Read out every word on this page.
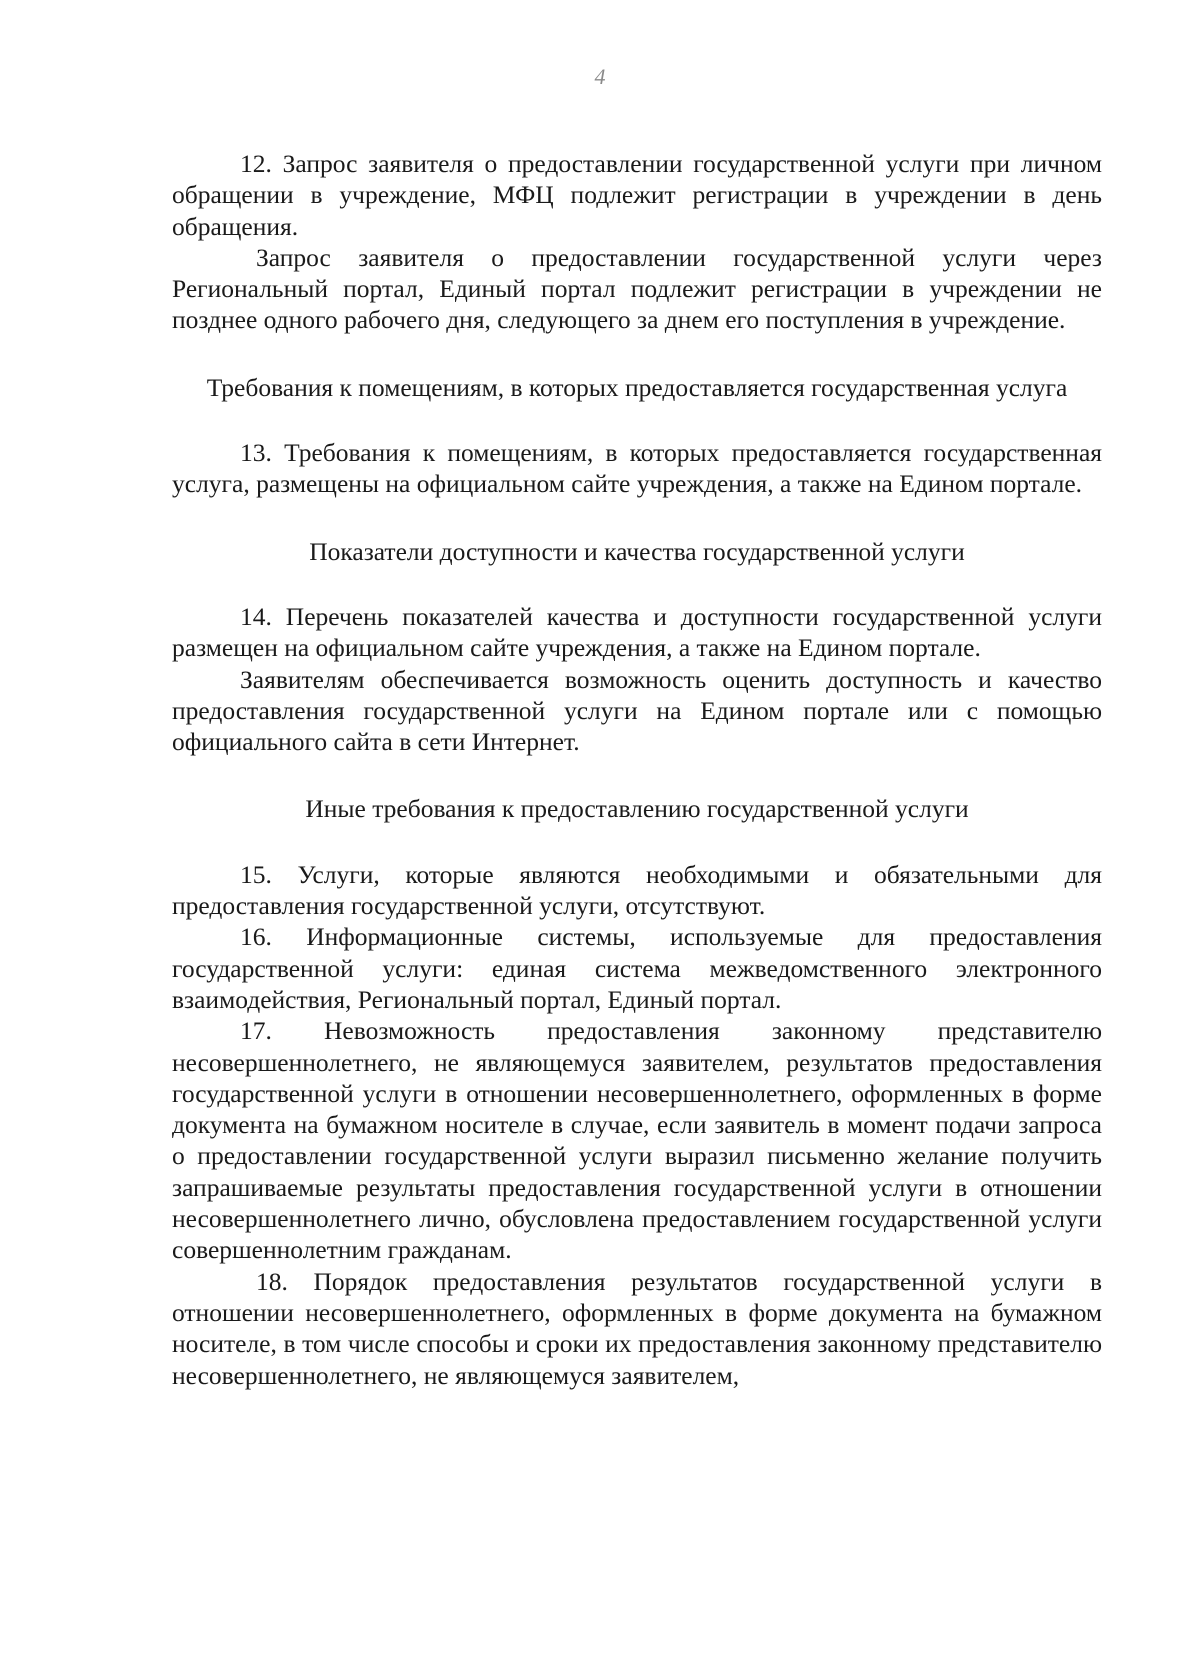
4

12. Запрос заявителя о предоставлении государственной услуги при личном обращении в учреждение, МФЦ подлежит регистрации в учреждении в день обращения.

Запрос заявителя о предоставлении государственной услуги через Региональный портал, Единый портал подлежит регистрации в учреждении не позднее одного рабочего дня, следующего за днем его поступления в учреждение.

Требования к помещениям, в которых предоставляется государственная услуга

13. Требования к помещениям, в которых предоставляется государственная услуга, размещены на официальном сайте учреждения, а также на Едином портале.

Показатели доступности и качества государственной услуги

14. Перечень показателей качества и доступности государственной услуги размещен на официальном сайте учреждения, а также на Едином портале.

Заявителям обеспечивается возможность оценить доступность и качество предоставления государственной услуги на Едином портале или с помощью официального сайта в сети Интернет.

Иные требования к предоставлению государственной услуги

15. Услуги, которые являются необходимыми и обязательными для предоставления государственной услуги, отсутствуют.

16. Информационные системы, используемые для предоставления государственной услуги: единая система межведомственного электронного взаимодействия, Региональный портал, Единый портал.

17. Невозможность предоставления законному представителю несовершеннолетнего, не являющемуся заявителем, результатов предоставления государственной услуги в отношении несовершеннолетнего, оформленных в форме документа на бумажном носителе в случае, если заявитель в момент подачи запроса о предоставлении государственной услуги выразил письменно желание получить запрашиваемые результаты предоставления государственной услуги в отношении несовершеннолетнего лично, обусловлена предоставлением государственной услуги совершеннолетним гражданам.

18. Порядок предоставления результатов государственной услуги в отношении несовершеннолетнего, оформленных в форме документа на бумажном носителе, в том числе способы и сроки их предоставления законному представителю несовершеннолетнего, не являющемуся заявителем,
